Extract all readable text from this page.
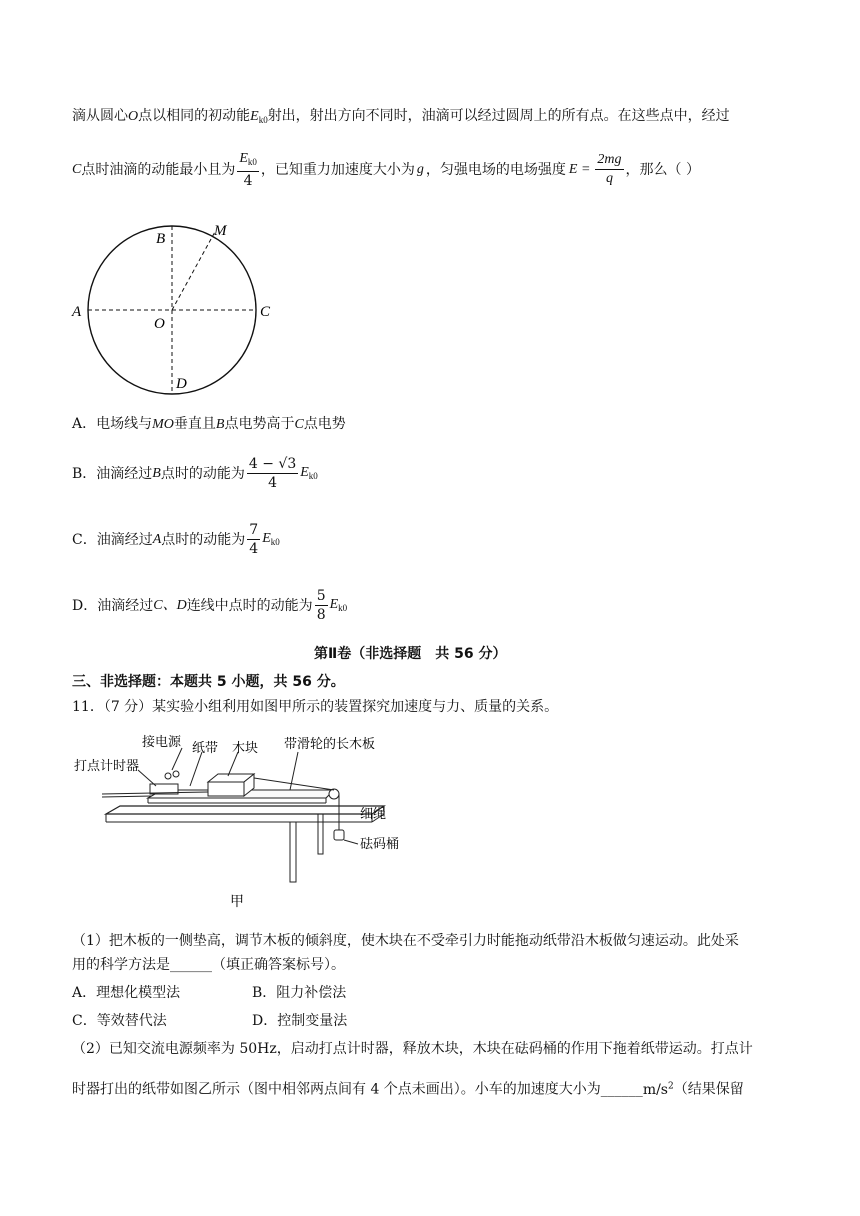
滴从圆心O点以相同的初动能$E_{k0}$射出，射出方向不同时，油滴可以经过圆周上的所有点。在这些点中，经过
C 点时油滴的动能最小且为 $\frac{E_{k0}}{4}$ ，已知重力加速度大小为 g ，匀强电场的电场强度 $E = \frac{2mg}{q}$ ，那么（ ）
A
B
C
D
O
M
A．电场线与MO垂直且B点电势高于C点电势
B．油滴经过 B 点时的动能为 $\frac{4 - √3}{4} E_{k0}$
C．油滴经过 A 点时的动能为 $\frac{7}{4} E_{k0}$
D．油滴经过 C、D 连线中点时的动能为 $\frac{5}{8} E_{k0}$
第Ⅱ卷（非选择题　共 56 分）
三、非选择题：本题共 5 小题，共 56 分。
11．（7 分）某实验小组利用如图甲所示的装置探究加速度与力、质量的关系。
接电源 纸带 木块 带滑轮的长木板
打点计时器
细绳
砝码桶
甲
（1）把木板的一侧垫高，调节木板的倾斜度，使木块在不受牵引力时能拖动纸带沿木板做匀速运动。此处采
用的科学方法是______（填正确答案标号）。
A．理想化模型法	B．阻力补偿法
C．等效替代法	D．控制变量法
（2）已知交流电源频率为 50Hz，启动打点计时器，释放木块，木块在砝码桶的作用下拖着纸带运动。打点计
时器打出的纸带如图乙所示（图中相邻两点间有 4 个点未画出）。小车的加速度大小为$\_\_\_\_\_\_m/s^2$（结果保留
